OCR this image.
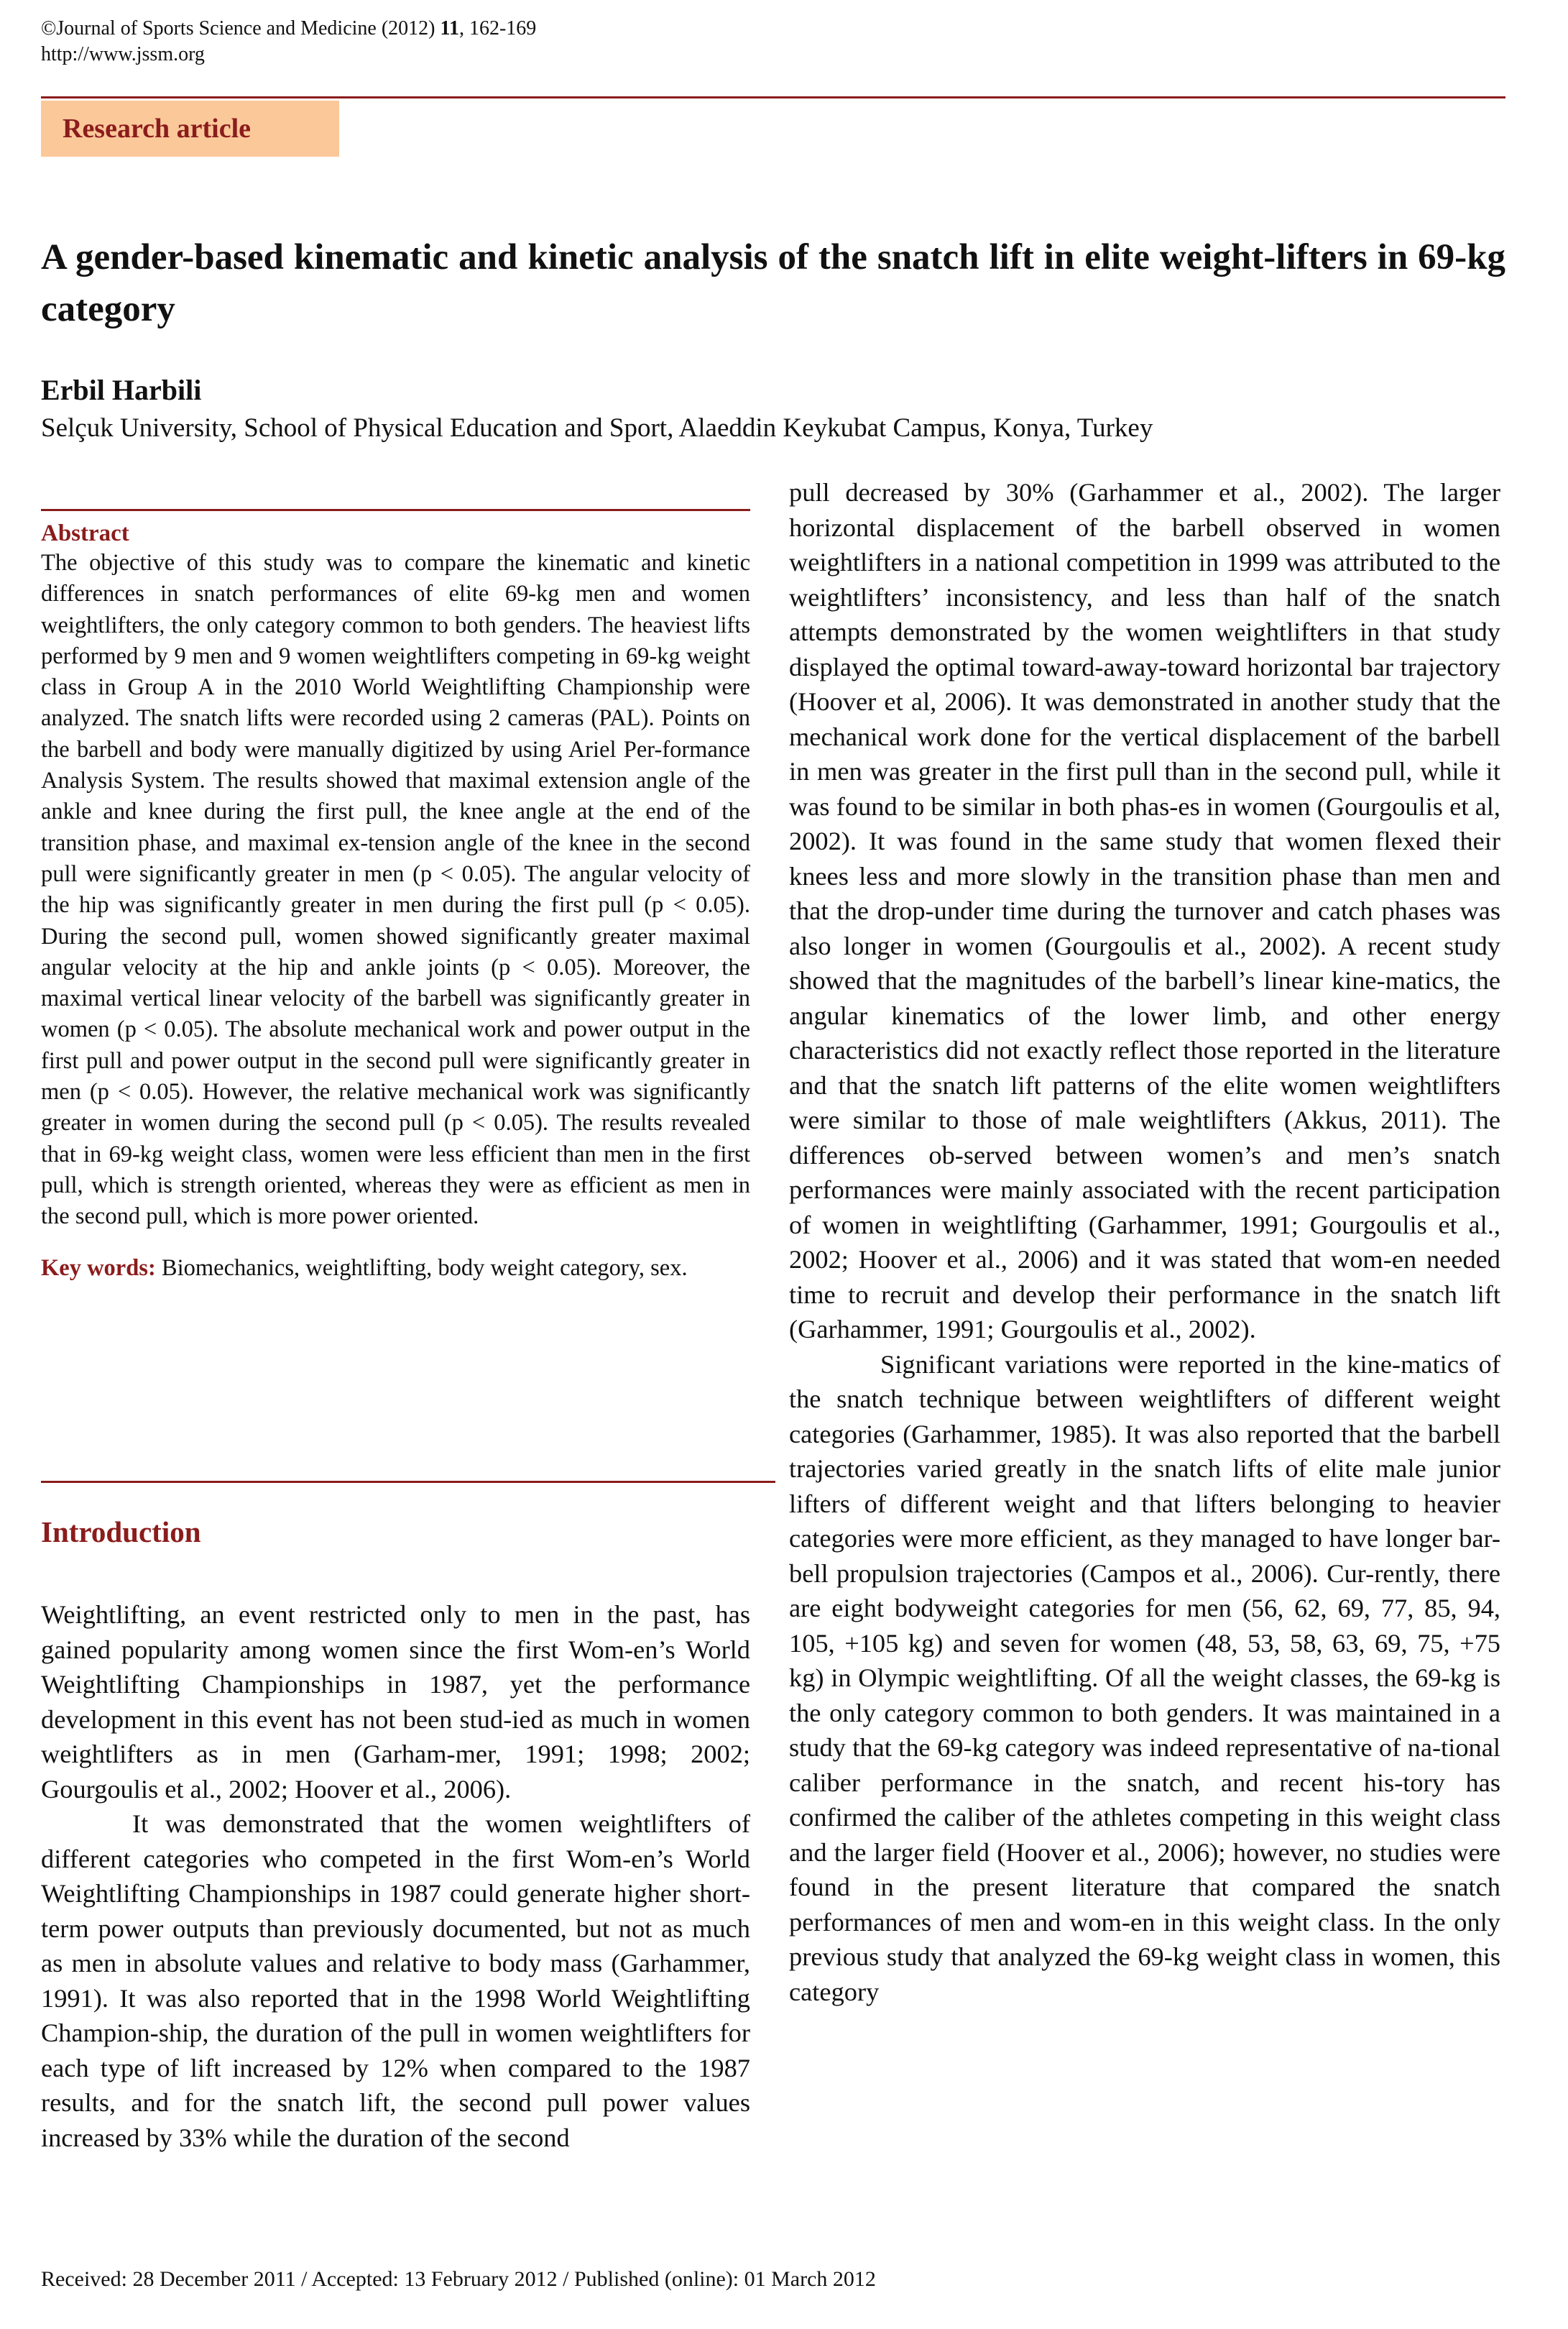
©Journal of Sports Science and Medicine (2012) 11, 162-169
http://www.jssm.org
Research article
A gender-based kinematic and kinetic analysis of the snatch lift in elite weight-lifters in 69-kg category
Erbil Harbili
Selçuk University, School of Physical Education and Sport, Alaeddin Keykubat Campus, Konya, Turkey
Abstract

The objective of this study was to compare the kinematic and kinetic differences in snatch performances of elite 69-kg men and women weightlifters, the only category common to both genders. The heaviest lifts performed by 9 men and 9 women weightlifters competing in 69-kg weight class in Group A in the 2010 World Weightlifting Championship were analyzed. The snatch lifts were recorded using 2 cameras (PAL). Points on the barbell and body were manually digitized by using Ariel Per-formance Analysis System. The results showed that maximal extension angle of the ankle and knee during the first pull, the knee angle at the end of the transition phase, and maximal ex-tension angle of the knee in the second pull were significantly greater in men (p < 0.05). The angular velocity of the hip was significantly greater in men during the first pull (p < 0.05). During the second pull, women showed significantly greater maximal angular velocity at the hip and ankle joints (p < 0.05). Moreover, the maximal vertical linear velocity of the barbell was significantly greater in women (p < 0.05). The absolute mechanical work and power output in the first pull and power output in the second pull were significantly greater in men (p < 0.05). However, the relative mechanical work was significantly greater in women during the second pull (p < 0.05). The results revealed that in 69-kg weight class, women were less efficient than men in the first pull, which is strength oriented, whereas they were as efficient as men in the second pull, which is more power oriented.

Key words: Biomechanics, weightlifting, body weight category, sex.

Introduction

Weightlifting, an event restricted only to men in the past, has gained popularity among women since the first Wom-en’s World Weightlifting Championships in 1987, yet the performance development in this event has not been stud-ied as much in women weightlifters as in men (Garham-mer, 1991; 1998; 2002; Gourgoulis et al., 2002; Hoover et al., 2006).

It was demonstrated that the women weightlifters of different categories who competed in the first Wom-en’s World Weightlifting Championships in 1987 could generate higher short-term power outputs than previously documented, but not as much as men in absolute values and relative to body mass (Garhammer, 1991). It was also reported that in the 1998 World Weightlifting Champion-ship, the duration of the pull in women weightlifters for each type of lift increased by 12% when compared to the 1987 results, and for the snatch lift, the second pull power values increased by 33% while the duration of the second

pull decreased by 30% (Garhammer et al., 2002). The larger horizontal displacement of the barbell observed in women weightlifters in a national competition in 1999 was attributed to the weightlifters’ inconsistency, and less than half of the snatch attempts demonstrated by the women weightlifters in that study displayed the optimal toward-away-toward horizontal bar trajectory (Hoover et al, 2006). It was demonstrated in another study that the mechanical work done for the vertical displacement of the barbell in men was greater in the first pull than in the second pull, while it was found to be similar in both phas-es in women (Gourgoulis et al, 2002). It was found in the same study that women flexed their knees less and more slowly in the transition phase than men and that the drop-under time during the turnover and catch phases was also longer in women (Gourgoulis et al., 2002). A recent study showed that the magnitudes of the barbell’s linear kine-matics, the angular kinematics of the lower limb, and other energy characteristics did not exactly reflect those reported in the literature and that the snatch lift patterns of the elite women weightlifters were similar to those of male weightlifters (Akkus, 2011). The differences ob-served between women’s and men’s snatch performances were mainly associated with the recent participation of women in weightlifting (Garhammer, 1991; Gourgoulis et al., 2002; Hoover et al., 2006) and it was stated that wom-en needed time to recruit and develop their performance in the snatch lift (Garhammer, 1991; Gourgoulis et al., 2002).

Significant variations were reported in the kine-matics of the snatch technique between weightlifters of different weight categories (Garhammer, 1985). It was also reported that the barbell trajectories varied greatly in the snatch lifts of elite male junior lifters of different weight and that lifters belonging to heavier categories were more efficient, as they managed to have longer bar-bell propulsion trajectories (Campos et al., 2006). Cur-rently, there are eight bodyweight categories for men (56, 62, 69, 77, 85, 94, 105, +105 kg) and seven for women (48, 53, 58, 63, 69, 75, +75 kg) in Olympic weightlifting. Of all the weight classes, the 69-kg is the only category common to both genders. It was maintained in a study that the 69-kg category was indeed representative of na-tional caliber performance in the snatch, and recent his-tory has confirmed the caliber of the athletes competing in this weight class and the larger field (Hoover et al., 2006); however, no studies were found in the present literature that compared the snatch performances of men and wom-en in this weight class. In the only previous study that analyzed the 69-kg weight class in women, this category

Received: 28 December 2011 / Accepted: 13 February 2012 / Published (online): 01 March 2012
